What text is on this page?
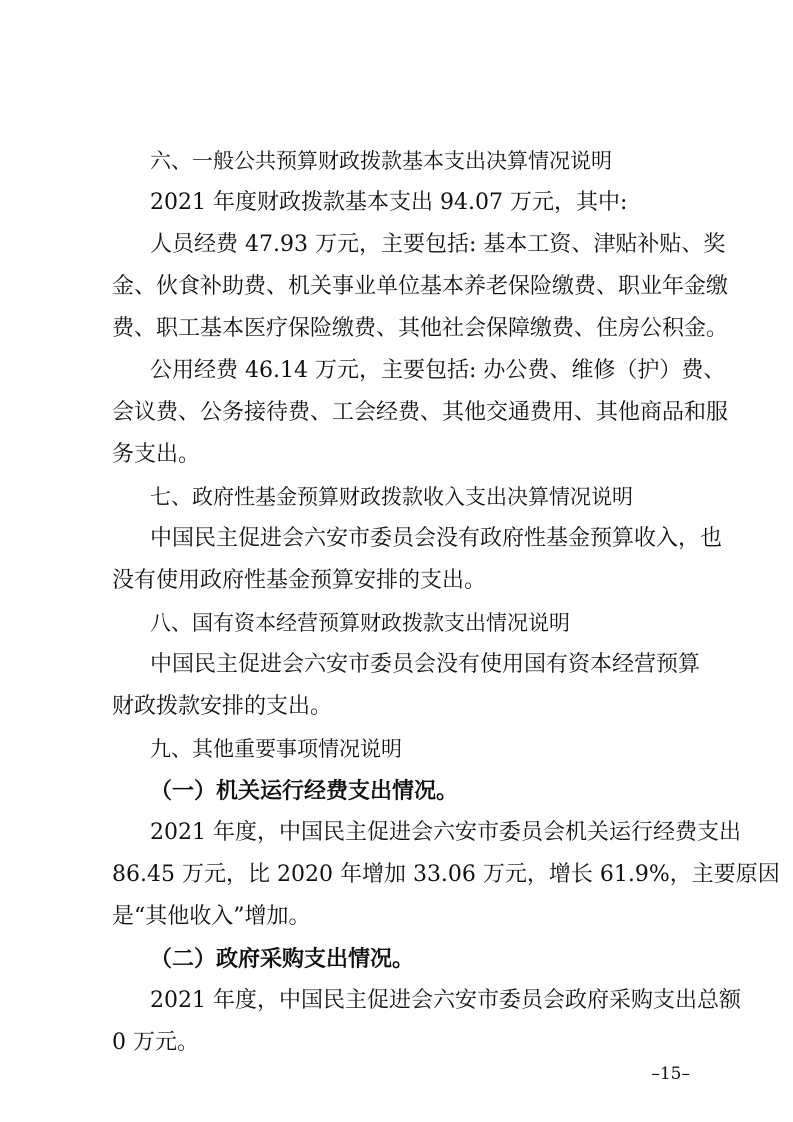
六、一般公共预算财政拨款基本支出决算情况说明
2021 年度财政拨款基本支出 94.07 万元，其中:
人员经费 47.93 万元，主要包括: 基本工资、津贴补贴、奖
金、伙食补助费、机关事业单位基本养老保险缴费、职业年金缴
费、职工基本医疗保险缴费、其他社会保障缴费、住房公积金。
公用经费 46.14 万元，主要包括: 办公费、维修（护）费、
会议费、公务接待费、工会经费、其他交通费用、其他商品和服
务支出。
七、政府性基金预算财政拨款收入支出决算情况说明
中国民主促进会六安市委员会没有政府性基金预算收入，也
没有使用政府性基金预算安排的支出。
八、国有资本经营预算财政拨款支出情况说明
中国民主促进会六安市委员会没有使用国有资本经营预算
财政拨款安排的支出。
九、其他重要事项情况说明
（一）机关运行经费支出情况。
2021 年度，中国民主促进会六安市委员会机关运行经费支出
86.45 万元，比 2020 年增加 33.06 万元，增长 61.9%，主要原因
是“其他收入”增加。
（二）政府采购支出情况。
2021 年度，中国民主促进会六安市委员会政府采购支出总额
0 万元。
–15–
